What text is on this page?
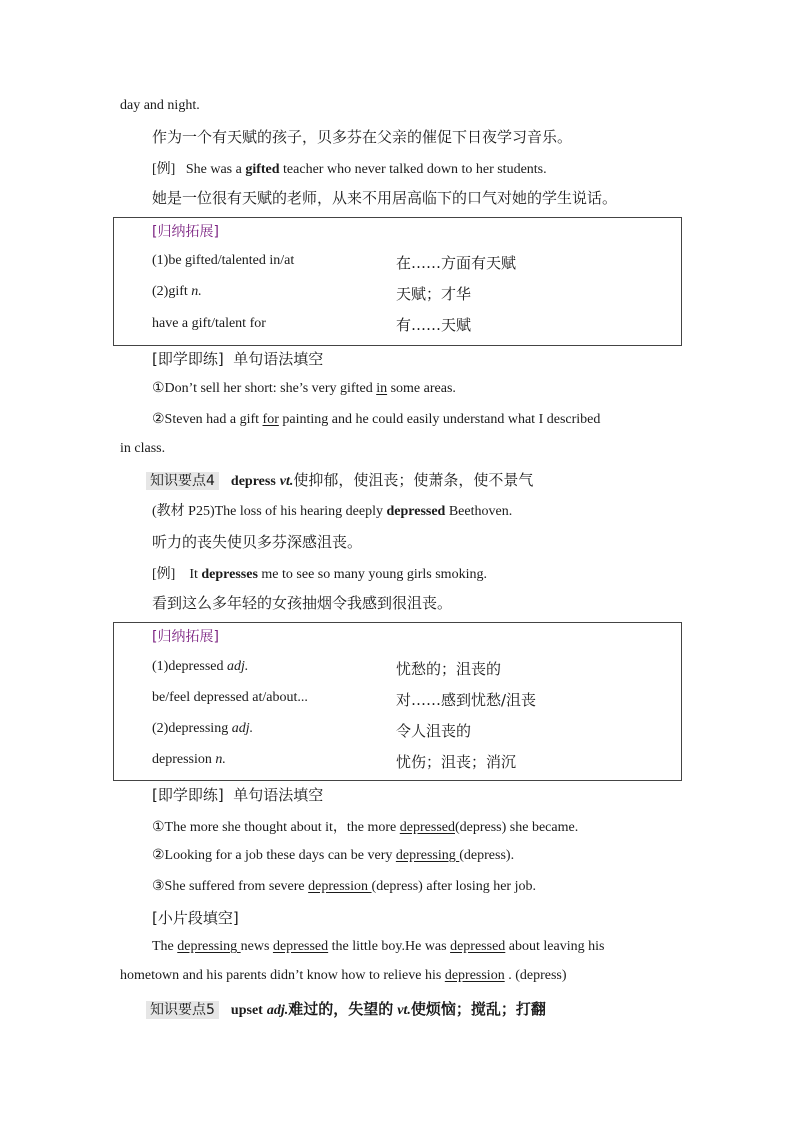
day and night.
作为一个有天赋的孩子，贝多芬在父亲的催促下日夜学习音乐。
[例] She was a gifted teacher who never talked down to her students.
她是一位很有天赋的老师，从来不用居高临下的口气对她的学生说话。
[归纳拓展]
(1)be gifted/talented in/at	在……方面有天赋
(2)gift n.	天赋；才华
have a gift/talent for	有……天赋
[即学即练] 单句语法填空
①Don’t sell her short: she’s very gifted in some areas.
②Steven had a gift for painting and he could easily understand what I described
in class.
知识要点4 depress vt.使抑郁，使沮丧；使萧条，使不景气
(教材 P25)The loss of his hearing deeply depressed Beethoven.
听力的丧失使贝多芬深感沮丧。
[例] It depresses me to see so many young girls smoking.
看到这么多年轻的女孩抽烟令我感到很沮丧。
[归纳拓展]
(1)depressed adj.	忧愁的；沮丧的
be/feel depressed at/about...	对……感到忧愁/沮丧
(2)depressing adj.	令人沮丧的
depression n.	忧伤；沮丧；消沉
[即学即练] 单句语法填空
①The more she thought about it，the more depressed(depress) she became.
②Looking for a job these days can be very depressing (depress).
③She suffered from severe depression (depress) after losing her job.
[小片段填空]
The depressing news depressed the little boy.He was depressed about leaving his
hometown and his parents didn’t know how to relieve his depression . (depress)
知识要点5 upset adj.难过的，失望的 vt.使烦恼；搅乱；打翻
